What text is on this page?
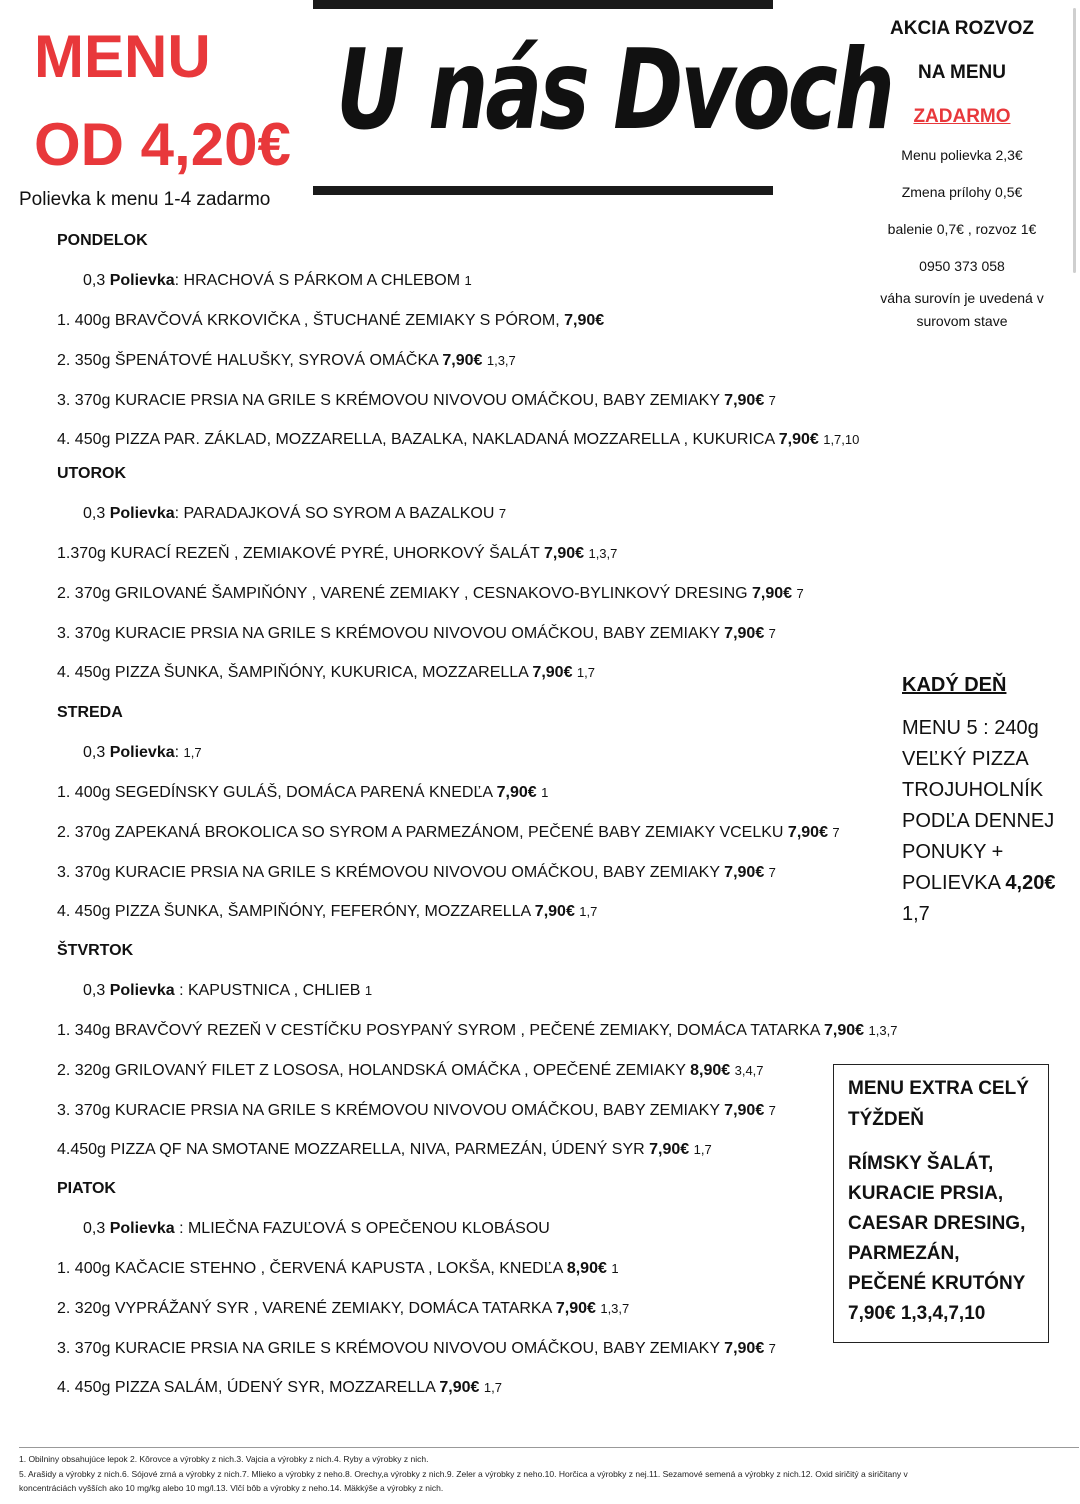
MENU
OD 4,20€
Polievka k menu 1-4 zadarmo
U nás Dvoch
AKCIA ROZVOZ
NA MENU
ZADARMO
Menu polievka 2,3€
Zmena prílohy 0,5€
balenie 0,7€ , rozvoz 1€
0950 373 058
váha surovín je uvedená v surovom stave
PONDELOK
0,3 Polievka: HRACHOVÁ S PÁRKOM A CHLEBOM 1
1. 400g BRAVČOVÁ KRKOVIČKA , ŠTUCHANÉ ZEMIAKY S PÓROM, 7,90€
2. 350g ŠPENÁTOVÉ HALUŠKY, SYROVÁ OMÁČKA 7,90€ 1,3,7
3. 370g KURACIE PRSIA NA GRILE S KRÉMOVOU NIVOVOU OMÁČKOU, BABY ZEMIAKY 7,90€ 7
4. 450g PIZZA PAR. ZÁKLAD, MOZZARELLA, BAZALKA, NAKLADANÁ MOZZARELLA , KUKURICA 7,90€ 1,7,10
UTOROK
0,3 Polievka: PARADAJKOVÁ SO SYROM A BAZALKOU 7
1.370g KURACÍ REZEŇ , ZEMIAKOVÉ PYRÉ, UHORKOVÝ ŠALÁT 7,90€ 1,3,7
2. 370g GRILOVANÉ ŠAMPIŇÓNY , VARENÉ ZEMIAKY , CESNAKOVO-BYLINKOVÝ DRESING 7,90€ 7
3. 370g KURACIE PRSIA NA GRILE S KRÉMOVOU NIVOVOU OMÁČKOU, BABY ZEMIAKY 7,90€ 7
4. 450g PIZZA ŠUNKA, ŠAMPIŇÓNY, KUKURICA, MOZZARELLA 7,90€ 1,7
STREDA
0,3 Polievka: 1,7
1. 400g SEGEDÍNSKY GULÁŠ, DOMÁCA PARENÁ KNEDĽA 7,90€ 1
2. 370g ZAPEKANÁ BROKOLICA SO SYROM A PARMEZÁNOM, PEČENÉ BABY ZEMIAKY VCELKU 7,90€ 7
3. 370g KURACIE PRSIA NA GRILE S KRÉMOVOU NIVOVOU OMÁČKOU, BABY ZEMIAKY 7,90€ 7
4. 450g PIZZA ŠUNKA, ŠAMPIŇÓNY, FEFERÓNY, MOZZARELLA 7,90€ 1,7
ŠTVRTOK
0,3 Polievka : KAPUSTNICA , CHLIEB 1
1. 340g BRAVČOVÝ REZEŇ V CESTÍČKU POSYPANÝ SYROM , PEČENÉ ZEMIAKY, DOMÁCA TATARKA 7,90€ 1,3,7
2. 320g GRILOVANÝ FILET Z LOSOSA, HOLANDSKÁ OMÁČKA , OPEČENÉ ZEMIAKY 8,90€ 3,4,7
3. 370g KURACIE PRSIA NA GRILE S KRÉMOVOU NIVOVOU OMÁČKOU, BABY ZEMIAKY 7,90€ 7
4.450g PIZZA QF NA SMOTANE MOZZARELLA, NIVA, PARMEZÁN, ÚDENÝ SYR 7,90€ 1,7
PIATOK
0,3 Polievka : MLIEČNA FAZUĽOVÁ S OPEČENOU KLOBÁSOU
1. 400g KAČACIE STEHNO , ČERVENÁ KAPUSTA , LOKŠA, KNEDĽA 8,90€ 1
2. 320g VYPRÁŽANÝ SYR , VARENÉ ZEMIAKY, DOMÁCA TATARKA 7,90€ 1,3,7
3. 370g KURACIE PRSIA NA GRILE S KRÉMOVOU NIVOVOU OMÁČKOU, BABY ZEMIAKY 7,90€ 7
4. 450g PIZZA SALÁM, ÚDENÝ SYR, MOZZARELLA 7,90€ 1,7
KADÝ DEŇ
MENU 5 : 240g VEĽKÝ PIZZA TROJUHOLNÍK PODĽA DENNEJ PONUKY + POLIEVKA 4,20€
1,7
MENU EXTRA CELÝ TÝŽDEŇ
RÍMSKY ŠALÁT, KURACIE PRSIA, CAESAR DRESING, PARMEZÁN, PEČENÉ KRUTÓNY 7,90€ 1,3,4,7,10
1. Obilniny obsahujúce lepok 2. Kôrovce a výrobky z nich.3. Vajcia a výrobky z nich.4. Ryby a výrobky z nich.
5. Arašidy a výrobky z nich.6. Sójové zrná a výrobky z nich.7. Mlieko a výrobky z neho.8. Orechy,a výrobky z nich.9. Zeler a výrobky z neho.10. Horčica a výrobky z nej.11. Sezamové semená a výrobky z nich.12. Oxid siričitý a siričitany v
koncentráciách vyšších ako 10 mg/kg alebo 10 mg/l.13. Vlčí bôb a výrobky z neho.14. Mäkkýše a výrobky z nich.
